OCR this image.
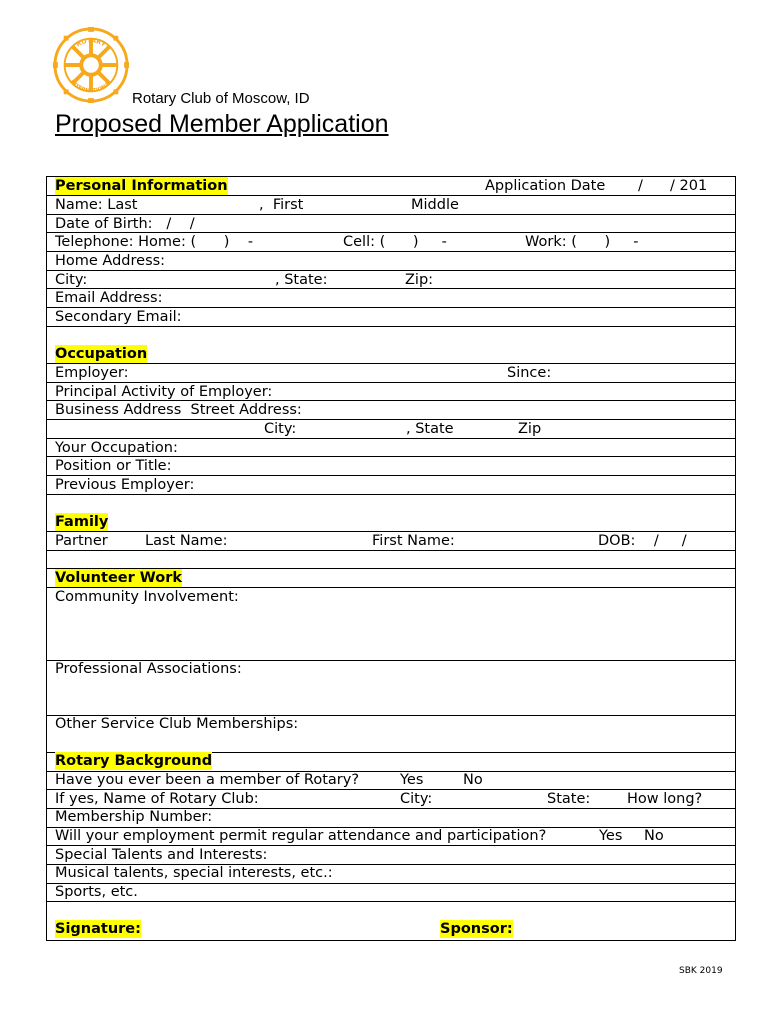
ROTARY
INTERNATIONAL
Rotary Club of Moscow, ID
Proposed Member Application
Personal Information	Application Date / / 201
Name: Last	,  First	Middle
Date of Birth:   /    /
Telephone: Home: (      )    -	Cell: (      )     -	Work: (      )     -
Home Address:
City:	, State:	Zip:
Email Address:
Secondary Email:
Occupation
Employer:	Since:
Principal Activity of Employer:
Business Address  Street Address:
City:	, State	Zip
Your Occupation:
Position or Title:
Previous Employer:
Family
Partner	Last Name:	First Name:	DOB:    /     /
Volunteer Work
Community Involvement:
Professional Associations:
Other Service Club Memberships:
Rotary Background
Have you ever been a member of Rotary?	Yes	No
If yes, Name of Rotary Club:	City:	State:	How long?
Membership Number:
Will your employment permit regular attendance and participation?	Yes No
Special Talents and Interests:
Musical talents, special interests, etc.:
Sports, etc.
Signature:	Sponsor:
SBK 2019
